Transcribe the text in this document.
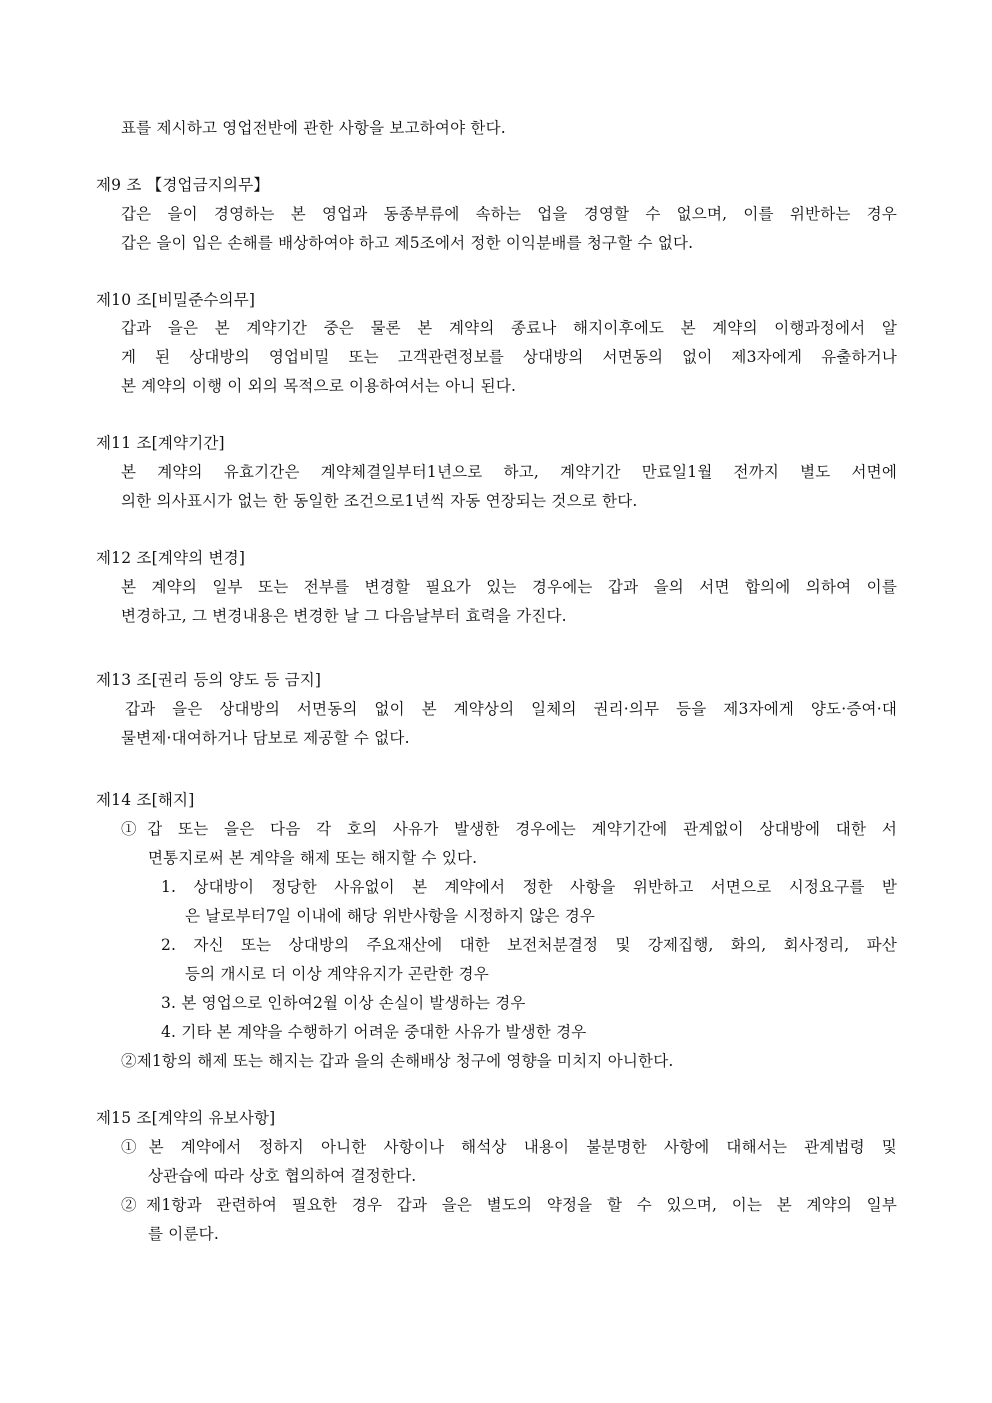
표를 제시하고 영업전반에 관한 사항을 보고하여야 한다.
제9 조 【경업금지의무】
갑은 을이 경영하는 본 영업과 동종부류에 속하는 업을 경영할 수 없으며, 이를 위반하는 경우
갑은 을이 입은 손해를 배상하여야 하고 제5조에서 정한 이익분배를 청구할 수 없다.
제10 조[비밀준수의무]
갑과 을은 본 계약기간 중은 물론 본 계약의 종료나 해지이후에도 본 계약의 이행과정에서 알
게 된 상대방의 영업비밀 또는 고객관련정보를 상대방의 서면동의 없이 제3자에게 유출하거나
본 계약의 이행 이 외의 목적으로 이용하여서는 아니 된다.
제11 조[계약기간]
본 계약의 유효기간은 계약체결일부터1년으로 하고, 계약기간 만료일1월 전까지 별도 서면에
의한 의사표시가 없는 한 동일한 조건으로1년씩 자동 연장되는 것으로 한다.
제12 조[계약의 변경]
본 계약의 일부 또는 전부를 변경할 필요가 있는 경우에는 갑과 을의 서면 합의에 의하여 이를
변경하고, 그 변경내용은 변경한 날 그 다음날부터 효력을 가진다.
제13 조[권리 등의 양도 등 금지]
갑과 을은 상대방의 서면동의 없이 본 계약상의 일체의 권리·의무 등을 제3자에게 양도·증여·대
물변제·대여하거나 담보로 제공할 수 없다.
제14 조[해지]
①갑 또는 을은 다음 각 호의 사유가 발생한 경우에는 계약기간에 관계없이 상대방에 대한 서
면통지로써 본 계약을 해제 또는 해지할 수 있다.
1. 상대방이 정당한 사유없이 본 계약에서 정한 사항을 위반하고 서면으로 시정요구를 받
은 날로부터7일 이내에 해당 위반사항을 시정하지 않은 경우
2. 자신 또는 상대방의 주요재산에 대한 보전처분결정 및 강제집행, 화의, 회사정리, 파산
등의 개시로 더 이상 계약유지가 곤란한 경우
3. 본 영업으로 인하여2월 이상 손실이 발생하는 경우
4. 기타 본 계약을 수행하기 어려운 중대한 사유가 발생한 경우
②제1항의 해제 또는 해지는 갑과 을의 손해배상 청구에 영향을 미치지 아니한다.
제15 조[계약의 유보사항]
①본 계약에서 정하지 아니한 사항이나 해석상 내용이 불분명한 사항에 대해서는 관계법령 및
상관습에 따라 상호 협의하여 결정한다.
②제1항과 관련하여 필요한 경우 갑과 을은 별도의 약정을 할 수 있으며, 이는 본 계약의 일부
를 이룬다.
